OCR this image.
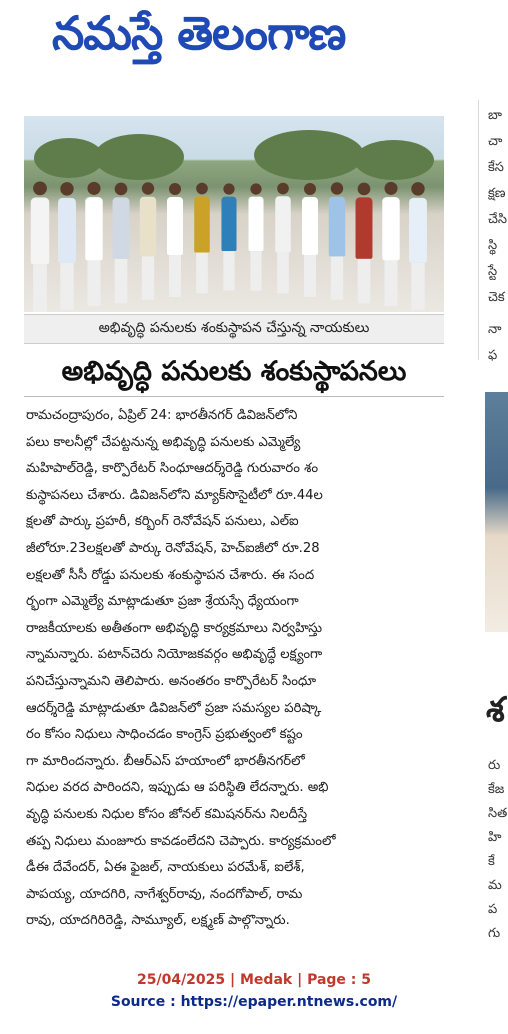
నమస్తే తెలంగాణ
అభివృద్ధి పనులకు శంకుస్థాపన చేస్తున్న నాయకులు
అభివృద్ధి పనులకు శంకుస్థాపనలు
రామచంద్రాపురం, ఏప్రిల్ 24: భారతీనగర్ డివిజన్‌లోని
పలు కాలనీల్లో చేపట్టనున్న అభివృద్ధి పనులకు ఎమ్మెల్యే
మహిపాల్‌రెడ్డి, కార్పొరేటర్ సింధూఆదర్శ్‌రెడ్డి గురువారం శం
కుస్థాపనలు చేశారు. డివిజన్‌లోని మ్యాక్‌సొసైటీలో రూ.44ల
క్షలతో పార్కు ప్రహరీ, కర్బింగ్ రెనోవేషన్ పనులు, ఎల్ఐ
జీలోరూ.23లక్షలతో పార్కు రెనోవేషన్, హెచ్ఐజీలో రూ.28
లక్షలతో సీసీ రోడ్డు పనులకు శంకుస్థాపన చేశారు. ఈ సంద
ర్భంగా ఎమ్మెల్యే మాట్లాడుతూ ప్రజా శ్రేయస్సే ధ్యేయంగా
రాజకీయాలకు అతీతంగా అభివృద్ధి కార్యక్రమాలు నిర్వహిస్తు
న్నామన్నారు. పటాన్‌చెరు నియోజకవర్గం అభివృద్ధే లక్ష్యంగా
పనిచేస్తున్నామని తెలిపారు. అనంతరం కార్పొరేటర్ సింధూ
ఆదర్శ్‌రెడ్డి మాట్లాడుతూ డివిజన్‌లో ప్రజా సమస్యల పరిష్కా
రం కోసం నిధులు సాధించడం కాంగ్రెస్ ప్రభుత్వంలో కష్టం
గా మారిందన్నారు. బీఆర్ఎస్ హయాంలో భారతీనగర్‌లో
నిధుల వరద పారిందని, ఇప్పుడు ఆ పరిస్థితి లేదన్నారు. అభి
వృద్ధి పనులకు నిధుల కోసం జోనల్ కమిషనర్‌ను నిలదీస్తే
తప్ప నిధులు మంజూరు కావడంలేదని చెప్పారు. కార్యక్రమంలో
డీఈ దేవేందర్, ఏఈ ఫైజల్, నాయకులు పరమేశ్, ఐలేశ్,
పాపయ్య, యాదగిరి, నాగేశ్వర్‌రావు, నందగోపాల్, రామ
రావు, యాదగిరిరెడ్డి, సామ్యూల్, లక్ష్మణ్ పాల్గొన్నారు.
బా
చా
కేస
క్షణ
చేసి
స్థి
స్టే
చెక
నా
ఫ
శ
రు
కేజ
సిత
హి
కే
మ
ప
గు
25/04/2025 | Medak | Page : 5
Source : https://epaper.ntnews.com/
